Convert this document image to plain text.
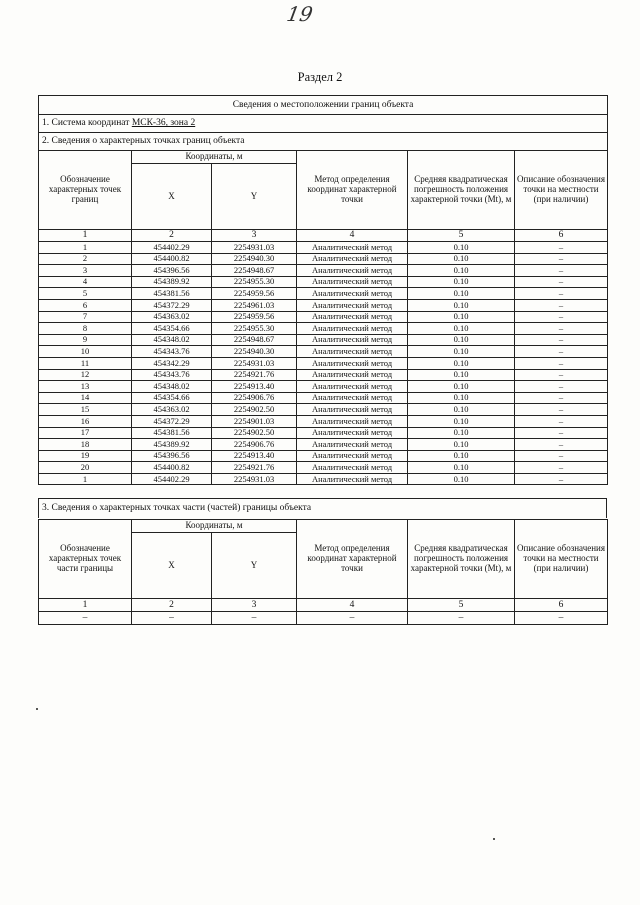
19
Раздел 2
Сведения о местоположении границ объекта					
1. Система координат МСК-36, зона 2					
2. Сведения о характерных точках границ объекта					
Обозначение характерных точек границ	Координаты, м		Метод определения координат характерной точки	Средняя квадратическая погрешность положения характерной точки (Mt), м	Описание обозначения точки на местности (при наличии)
	X	Y			
1	2	3	4	5	6
1	454402.29	2254931.03	Аналитический метод	0.10	–
2	454400.82	2254940.30	Аналитический метод	0.10	–
3	454396.56	2254948.67	Аналитический метод	0.10	–
4	454389.92	2254955.30	Аналитический метод	0.10	–
5	454381.56	2254959.56	Аналитический метод	0.10	–
6	454372.29	2254961.03	Аналитический метод	0.10	–
7	454363.02	2254959.56	Аналитический метод	0.10	–
8	454354.66	2254955.30	Аналитический метод	0.10	–
9	454348.02	2254948.67	Аналитический метод	0.10	–
10	454343.76	2254940.30	Аналитический метод	0.10	–
11	454342.29	2254931.03	Аналитический метод	0.10	–
12	454343.76	2254921.76	Аналитический метод	0.10	–
13	454348.02	2254913.40	Аналитический метод	0.10	–
14	454354.66	2254906.76	Аналитический метод	0.10	–
15	454363.02	2254902.50	Аналитический метод	0.10	–
16	454372.29	2254901.03	Аналитический метод	0.10	–
17	454381.56	2254902.50	Аналитический метод	0.10	–
18	454389.92	2254906.76	Аналитический метод	0.10	–
19	454396.56	2254913.40	Аналитический метод	0.10	–
20	454400.82	2254921.76	Аналитический метод	0.10	–
1	454402.29	2254931.03	Аналитический метод	0.10	–

Обозначение характерных точек части границы	Координаты, м		Метод определения координат характерной точки	Средняя квадратическая погрешность положения характерной точки (Mt), м	Описание обозначения точки на местности (при наличии)
	X	Y			
1	2	3	4	5	6
–	–	–	–	–	–
3. Сведения о характерных точках части (частей) границы объекта
